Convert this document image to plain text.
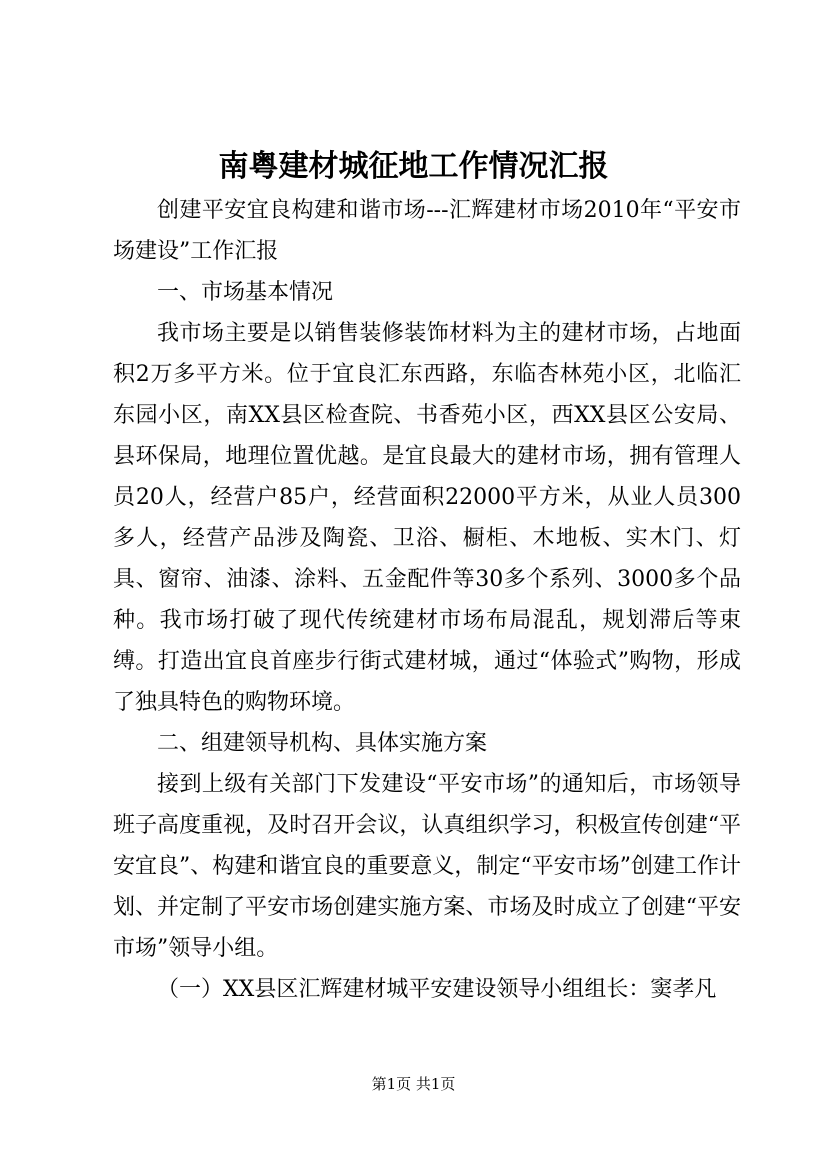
南粤建材城征地工作情况汇报

创建平安宜良构建和谐市场---汇辉建材市场2010年“平安市场建设”工作汇报

一、市场基本情况

我市场主要是以销售装修装饰材料为主的建材市场，占地面积2万多平方米。位于宜良汇东西路，东临杏林苑小区，北临汇东园小区，南XX县区检查院、书香苑小区，西XX县区公安局、县环保局，地理位置优越。是宜良最大的建材市场，拥有管理人员20人，经营户85户，经营面积22000平方米，从业人员300多人，经营产品涉及陶瓷、卫浴、橱柜、木地板、实木门、灯具、窗帘、油漆、涂料、五金配件等30多个系列、3000多个品种。我市场打破了现代传统建材市场布局混乱，规划滞后等束缚。打造出宜良首座步行街式建材城，通过“体验式”购物，形成了独具特色的购物环境。

二、组建领导机构、具体实施方案

接到上级有关部门下发建设“平安市场”的通知后，市场领导班子高度重视，及时召开会议，认真组织学习，积极宣传创建“平安宜良”、构建和谐宜良的重要意义，制定“平安市场”创建工作计划、并定制了平安市场创建实施方案、市场及时成立了创建“平安市场”领导小组。

（一）XX县区汇辉建材城平安建设领导小组组长：窦孝凡

第1页 共1页
